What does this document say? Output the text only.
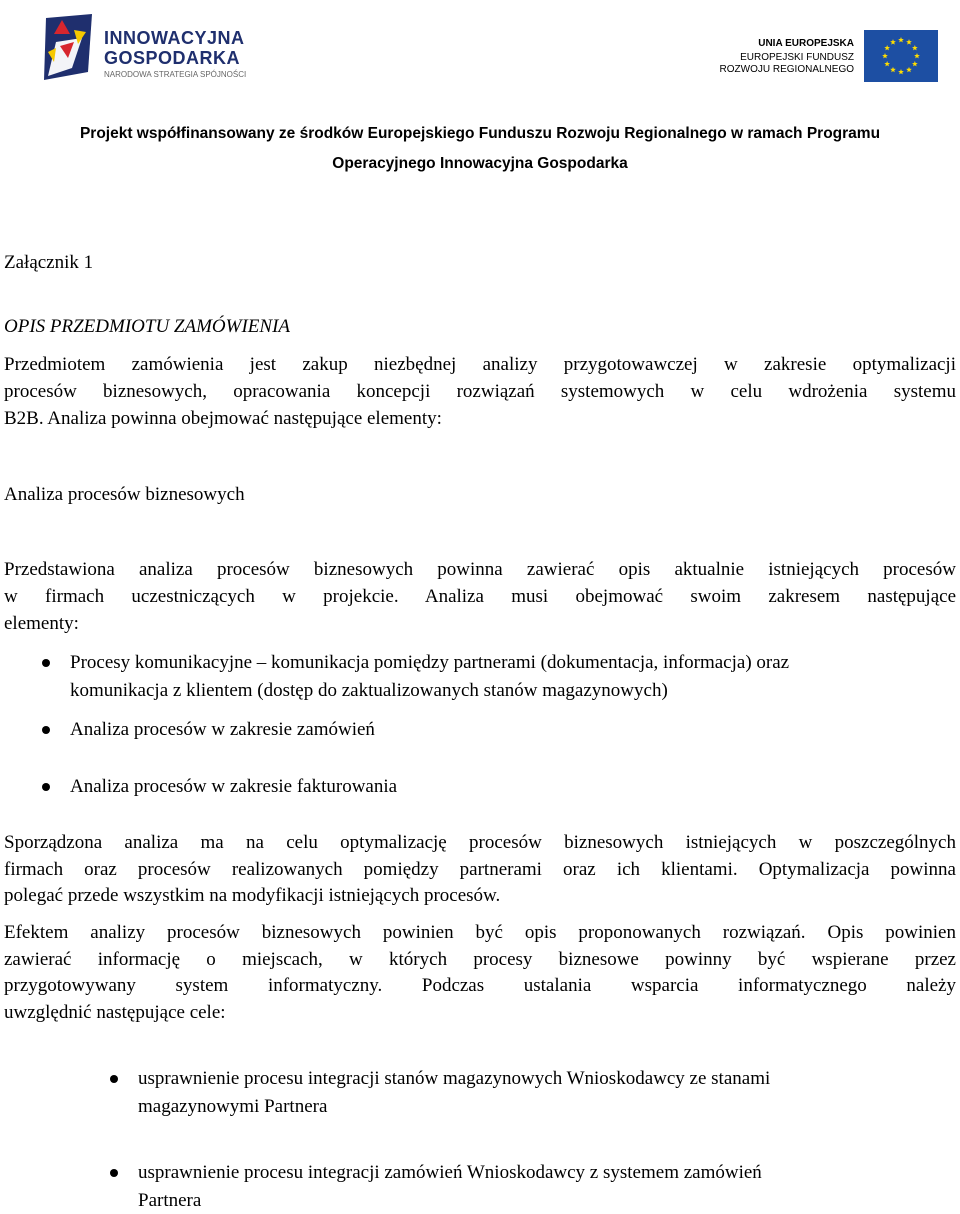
INNOWACYJNA
GOSPODARKA
NARODOWA STRATEGIA SPÓJNOŚCI
UNIA EUROPEJSKA
EUROPEJSKI FUNDUSZ
ROZWOJU REGIONALNEGO
Projekt współfinansowany ze środków Europejskiego Funduszu Rozwoju Regionalnego w ramach Programu
Operacyjnego Innowacyjna Gospodarka
Załącznik 1
OPIS PRZEDMIOTU ZAMÓWIENIA
Przedmiotem zamówienia jest zakup niezbędnej analizy przygotowawczej w zakresie optymalizacji
procesów biznesowych, opracowania koncepcji rozwiązań systemowych w celu wdrożenia systemu
B2B. Analiza powinna obejmować następujące elementy:
Analiza procesów biznesowych
Przedstawiona analiza procesów biznesowych powinna zawierać opis aktualnie istniejących procesów
w firmach uczestniczących w projekcie. Analiza musi obejmować swoim zakresem następujące
elementy:
Procesy komunikacyjne – komunikacja pomiędzy partnerami (dokumentacja, informacja) oraz
komunikacja z klientem (dostęp do zaktualizowanych stanów magazynowych)
Analiza procesów w zakresie zamówień
Analiza procesów w zakresie fakturowania
Sporządzona analiza ma na celu optymalizację procesów biznesowych istniejących w poszczególnych
firmach oraz procesów realizowanych pomiędzy partnerami oraz ich klientami. Optymalizacja powinna
polegać przede wszystkim na modyfikacji istniejących procesów.
Efektem analizy procesów biznesowych powinien być opis proponowanych rozwiązań. Opis powinien
zawierać informację o miejscach, w których procesy biznesowe powinny być wspierane przez
przygotowywany system informatyczny. Podczas ustalania wsparcia informatycznego należy
uwzględnić następujące cele:
usprawnienie procesu integracji stanów magazynowych Wnioskodawcy ze stanami
magazynowymi Partnera
usprawnienie procesu integracji zamówień Wnioskodawcy z systemem zamówień
Partnera
